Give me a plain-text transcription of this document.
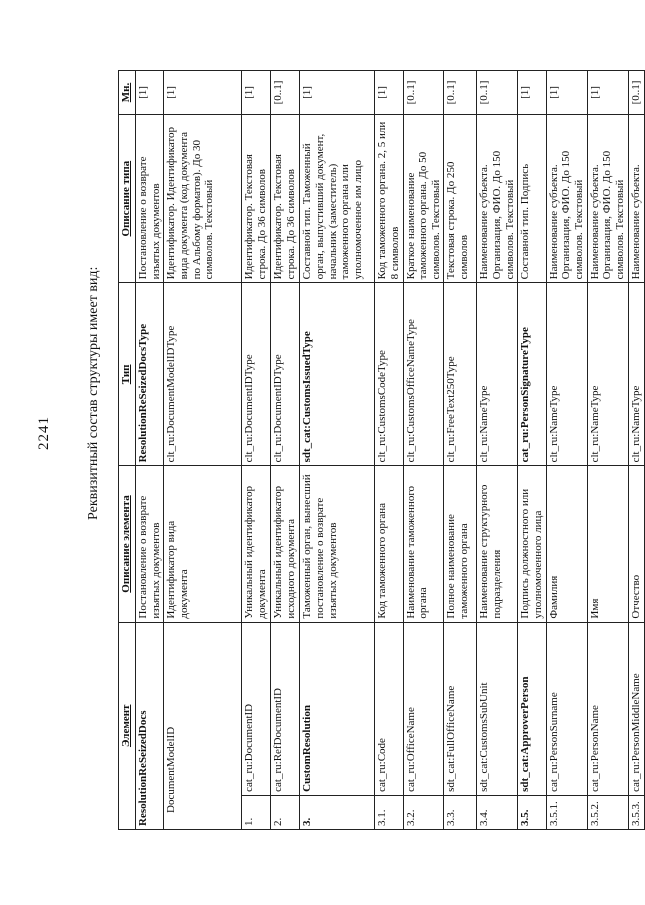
2241 Реквизитный состав структуры имеет вид:
Элемент		Описание элемента	Тип	Описание типа	Мн.
ResolutionReSeizedDocs		Постановление о возврате изъятых документов	ResolutionReSeizedDocsType	Постановление о возврате изъятых документов	[1]
DocumentModelID		Идентификатор вида документа	clt_ru:DocumentModelIDType	Идентификатор. Идентификатор вида документа (код документа по Альбому форматов). До 30 символов. Текстовый	[1]
1.	cat_ru:DocumentID	Уникальный идентификатор документа	clt_ru:DocumentIDType	Идентификатор. Текстовая строка. До 36 символов	[1]
2.	cat_ru:RefDocumentID	Уникальный идентификатор исходного документа	clt_ru:DocumentIDType	Идентификатор. Текстовая строка. До 36 символов	[0..1]
3.	CustomResolution	Таможенный орган, вынесший постановление о возврате изъятых документов	sdt_cat:CustomsIssuedType	Составной тип. Таможенный орган, выпустивший документ, начальник (заместитель) таможенного органа или уполномоченное им лицо	[1]
3.1.	cat_ru:Code	Код таможенного органа	clt_ru:CustomsCodeType	Код таможенного органа. 2, 5 или 8 символов	[1]
3.2.	cat_ru:OfficeName	Наименование таможенного органа	clt_ru:CustomsOfficeNameType	Краткое наименование таможенного органа. До 50 символов. Текстовый	[0..1]
3.3.	sdt_cat:FullOfficeName	Полное наименование таможенного органа	clt_ru:FreeText250Type	Текстовая строка. До 250 символов	[0..1]
3.4.	sdt_cat:CustomsSubUnit	Наименование структурного подразделения	clt_ru:NameType	Наименование субъекта. Организация, ФИО. До 150 символов. Текстовый	[0..1]
3.5.	sdt_cat:ApproverPerson	Подпись должностного или уполномоченного лица	cat_ru:PersonSignatureType	Составной тип. Подпись	[1]
3.5.1.	cat_ru:PersonSurname	Фамилия	clt_ru:NameType	Наименование субъекта. Организация, ФИО. До 150 символов. Текстовый	[1]
3.5.2.	cat_ru:PersonName	Имя	clt_ru:NameType	Наименование субъекта. Организация, ФИО. До 150 символов. Текстовый	[1]
3.5.3.	cat_ru:PersonMiddleName	Отчество	clt_ru:NameType	Наименование субъекта.	[0..1]
